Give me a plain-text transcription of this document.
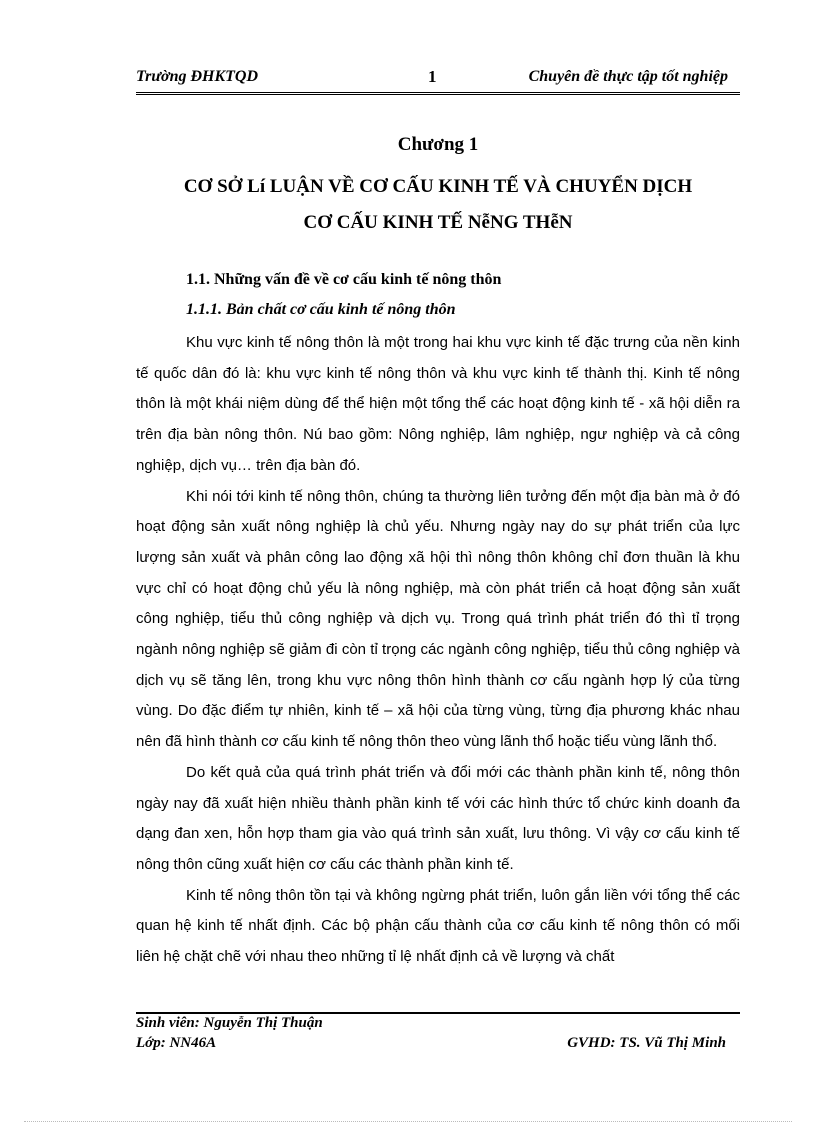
Trường ĐHKTQD	1	Chuyên đề thực tập tốt nghiệp
Chương 1
CƠ SỞ Lí LUẬN VỀ CƠ CẤU KINH TẾ VÀ CHUYỂN DỊCH
CƠ CẤU KINH TẾ NễNG THễN
1.1. Những vấn đề về cơ cấu kinh tế nông thôn
1.1.1. Bản chất cơ cấu kinh tế nông thôn

Khu vực kinh tế nông thôn là một trong hai khu vực kinh tế đặc trưng của nền kinh tế quốc dân đó là: khu vực kinh tế nông thôn và khu vực kinh tế thành thị. Kinh tế nông thôn là một khái niệm dùng để thể hiện một tổng thể các hoạt động kinh tế - xã hội diễn ra trên địa bàn nông thôn. Nú bao gồm: Nông nghiệp, lâm nghiệp, ngư nghiệp và cả công nghiệp, dịch vụ… trên địa bàn đó.

Khi nói tới kinh tế nông thôn, chúng ta thường liên tưởng đến một địa bàn mà ở đó hoạt động sản xuất nông nghiệp là chủ yếu. Nhưng ngày nay do sự phát triển của lực lượng sản xuất và phân công lao động xã hội thì nông thôn không chỉ đơn thuần là khu vực chỉ có hoạt động chủ yếu là nông nghiệp, mà còn phát triển cả hoạt động sản xuất công nghiệp, tiểu thủ công nghiệp và dịch vụ. Trong quá trình phát triển đó thì tỉ trọng ngành nông nghiệp sẽ giảm đi còn tỉ trọng các ngành công nghiệp, tiểu thủ công nghiệp và dịch vụ sẽ tăng lên, trong khu vực nông thôn hình thành cơ cấu ngành hợp lý của từng vùng. Do đặc điểm tự nhiên, kinh tế – xã hội của từng vùng, từng địa phương khác nhau nên đã hình thành cơ cấu kinh tế nông thôn theo vùng lãnh thổ hoặc tiểu vùng lãnh thổ.

Do kết quả của quá trình phát triển và đổi mới các thành phần kinh tế, nông thôn ngày nay đã xuất hiện nhiều thành phần kinh tế với các hình thức tổ chức kinh doanh đa dạng đan xen, hỗn hợp tham gia vào quá trình sản xuất, lưu thông. Vì vậy cơ cấu kinh tế nông thôn cũng xuất hiện cơ cấu các thành phần kinh tế.

Kinh tế nông thôn tồn tại và không ngừng phát triển, luôn gắn liền với tổng thể các quan hệ kinh tế nhất định. Các bộ phận cấu thành của cơ cấu kinh tế nông thôn có mối liên hệ chặt chẽ với nhau theo những tỉ lệ nhất định cả về lượng và chất

Sinh viên: Nguyễn Thị Thuận
Lớp: NN46A	GVHD: TS. Vũ Thị Minh
